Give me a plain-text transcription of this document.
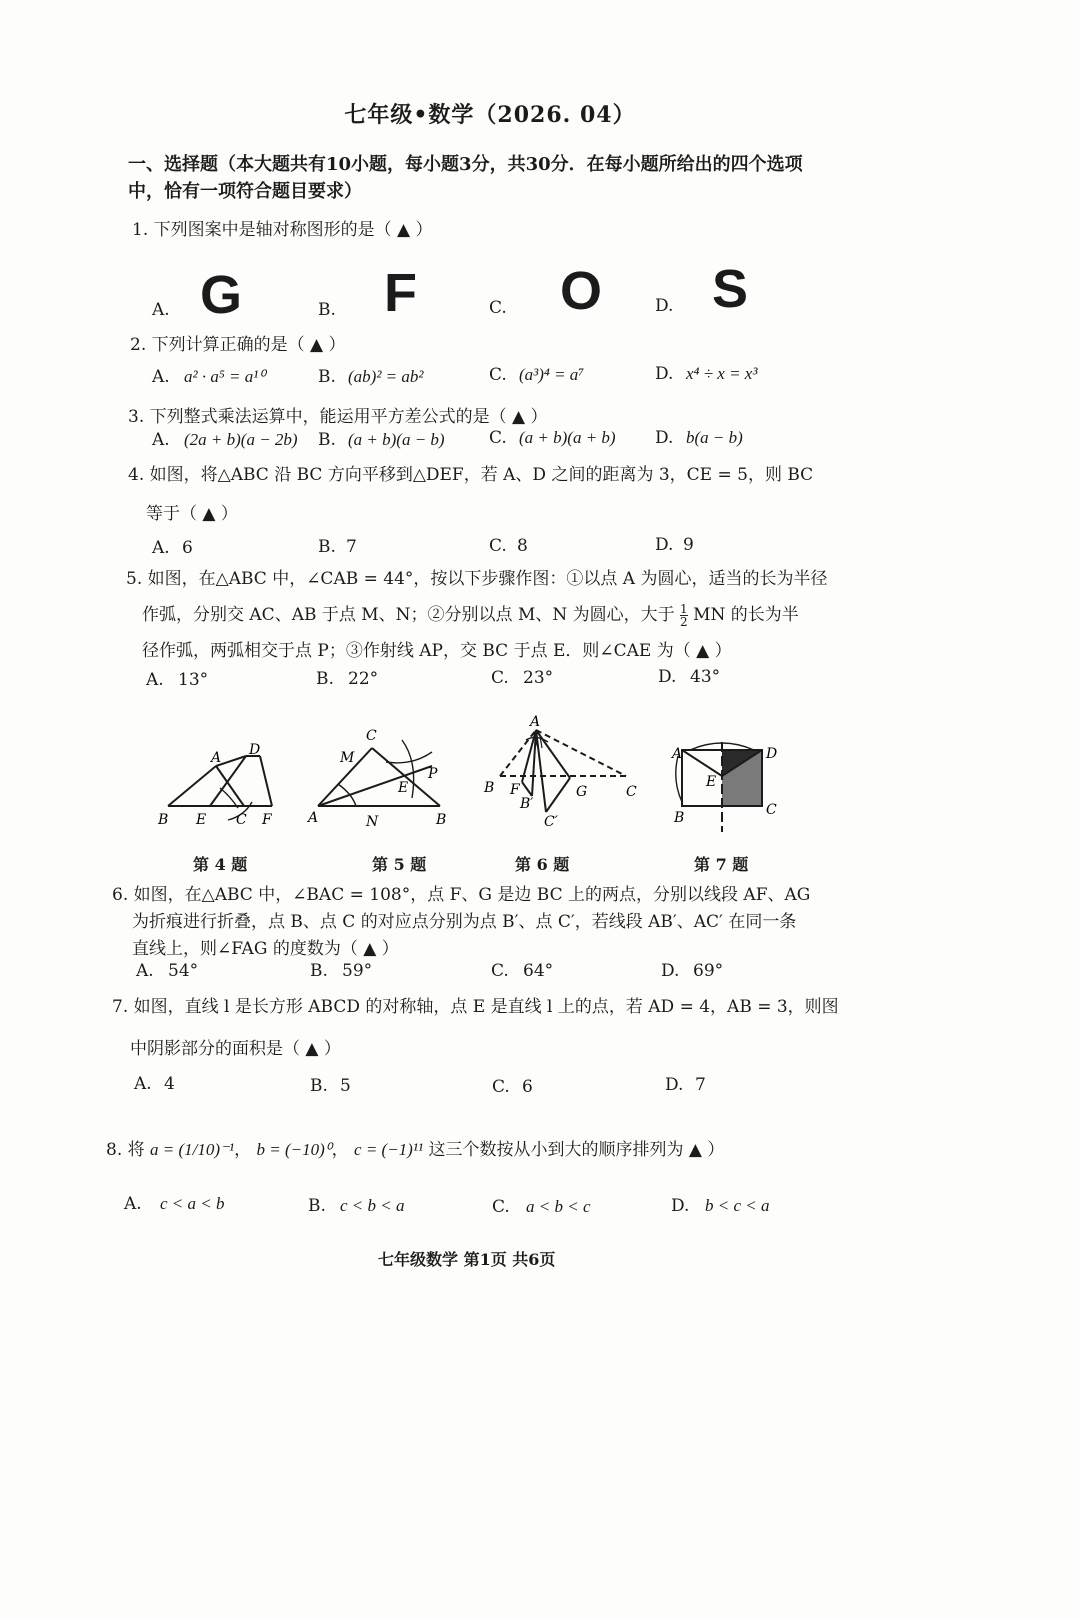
七年级•数学（2026. 04）
一、选择题（本大题共有10小题，每小题3分，共30分．在每小题所给出的四个选项
中，恰有一项符合题目要求）
1. 下列图案中是轴对称图形的是（ ▲ ）
A. G	B. F	C. O	D. S
2. 下列计算正确的是（ ▲ ）
A. a² · a⁵ = a¹⁰	B. (ab)² = ab²	C. (a³)⁴ = a⁷	D. x⁴ ÷ x = x³
3. 下列整式乘法运算中，能运用平方差公式的是（ ▲ ）
A. (2a + b)(a − 2b) B. (a + b)(a − b)	C. (a + b)(a + b) D. b(a − b)
4. 如图，将△ABC 沿 BC 方向平移到△DEF，若 A、D 之间的距离为 3，CE = 5，则 BC
等于（ ▲ ）
A. 6	B. 7	C. 8	D. 9
5. 如图，在△ABC 中，∠CAB = 44°，按以下步骤作图：①以点 A 为圆心，适当的长为半径
作弧，分别交 AC、AB 于点 M、N；②分别以点 M、N 为圆心，大于 $\frac{1}{2}$ MN 的长为半
径作弧，两弧相交于点 P；③作射线 AP，交 BC 于点 E．则∠CAE 为（ ▲ ）
A. 13°	B. 22°	C. 23°	D. 43°
A D
B E C F
第 4 题
C
M
E
P
A	N	B
第 5 题
A
B F	G	C
B′
C′
第 6 题
A	D
E
B	C
第 7 题
6. 如图，在△ABC 中，∠BAC = 108°，点 F、G 是边 BC 上的两点，分别以线段 AF、AG
为折痕进行折叠，点 B、点 C 的对应点分别为点 B′、点 C′，若线段 AB′、AC′ 在同一条
直线上，则∠FAG 的度数为（ ▲ ）
A. 54°	B. 59°	C. 64°	D. 69°
7. 如图，直线 l 是长方形 ABCD 的对称轴，点 E 是直线 l 上的点，若 AD = 4，AB = 3，则图
中阴影部分的面积是（ ▲ ）
A. 4	B. 5	C. 6	D. 7
8. 将 a = (1/10)⁻¹， b = (−10)⁰， c = (−1)¹¹ 这三个数按从小到大的顺序排列为 ▲ ）
A. c < a < b	B. c < b < a	C. a < b < c	D. b < c < a
七年级数学 第1页 共6页
